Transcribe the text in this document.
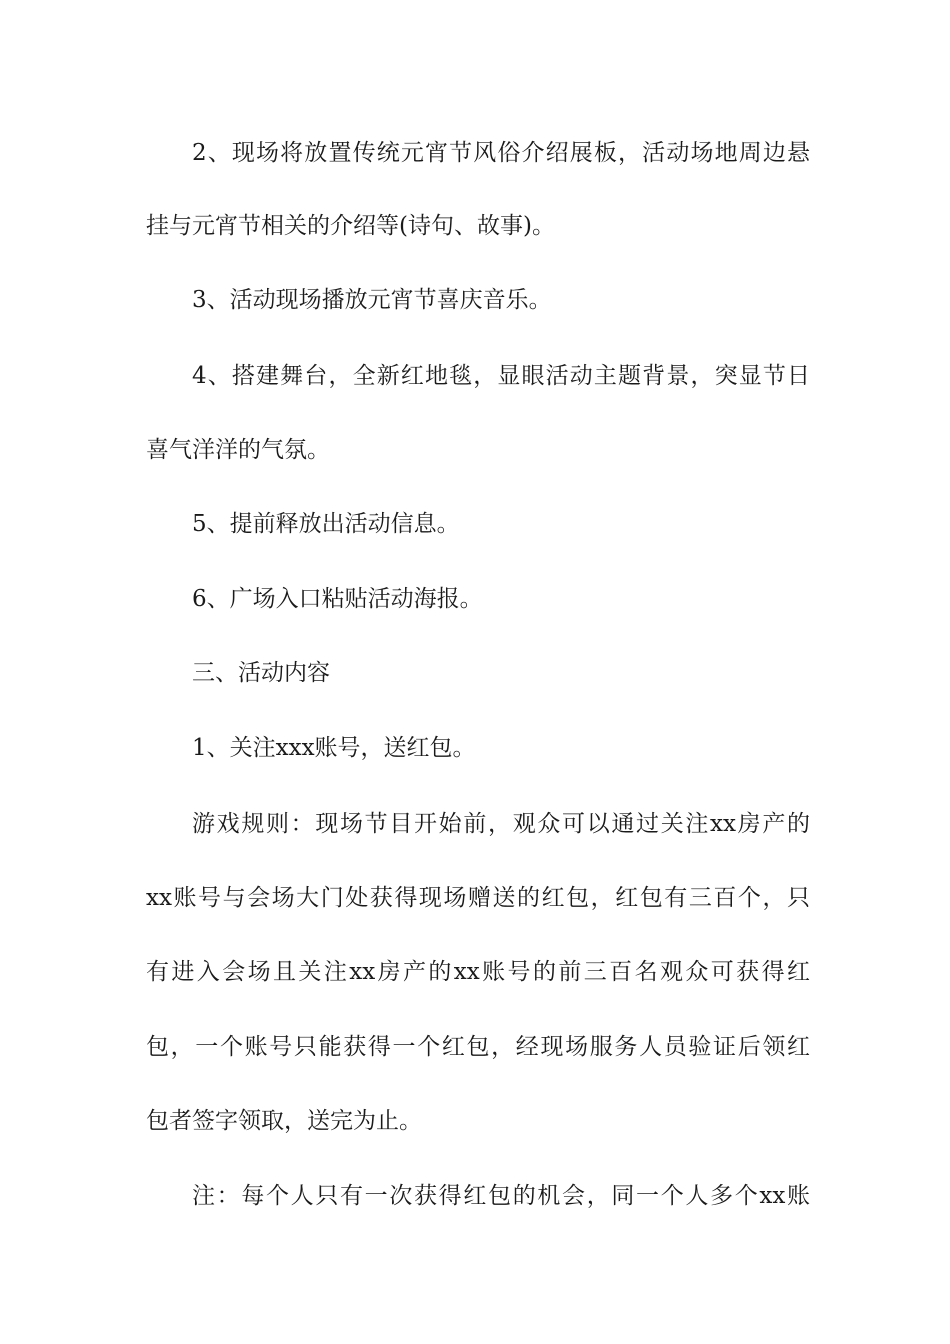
2、现场将放置传统元宵节风俗介绍展板，活动场地周边悬

挂与元宵节相关的介绍等(诗句、故事)。

3、活动现场播放元宵节喜庆音乐。

4、搭建舞台，全新红地毯，显眼活动主题背景，突显节日

喜气洋洋的气氛。

5、提前释放出活动信息。

6、广场入口粘贴活动海报。

三、活动内容

1、关注xxx账号，送红包。

游戏规则：现场节目开始前，观众可以通过关注xx房产的

xx账号与会场大门处获得现场赠送的红包，红包有三百个，只

有进入会场且关注xx房产的xx账号的前三百名观众可获得红

包，一个账号只能获得一个红包，经现场服务人员验证后领红

包者签字领取，送完为止。

注：每个人只有一次获得红包的机会，同一个人多个xx账
